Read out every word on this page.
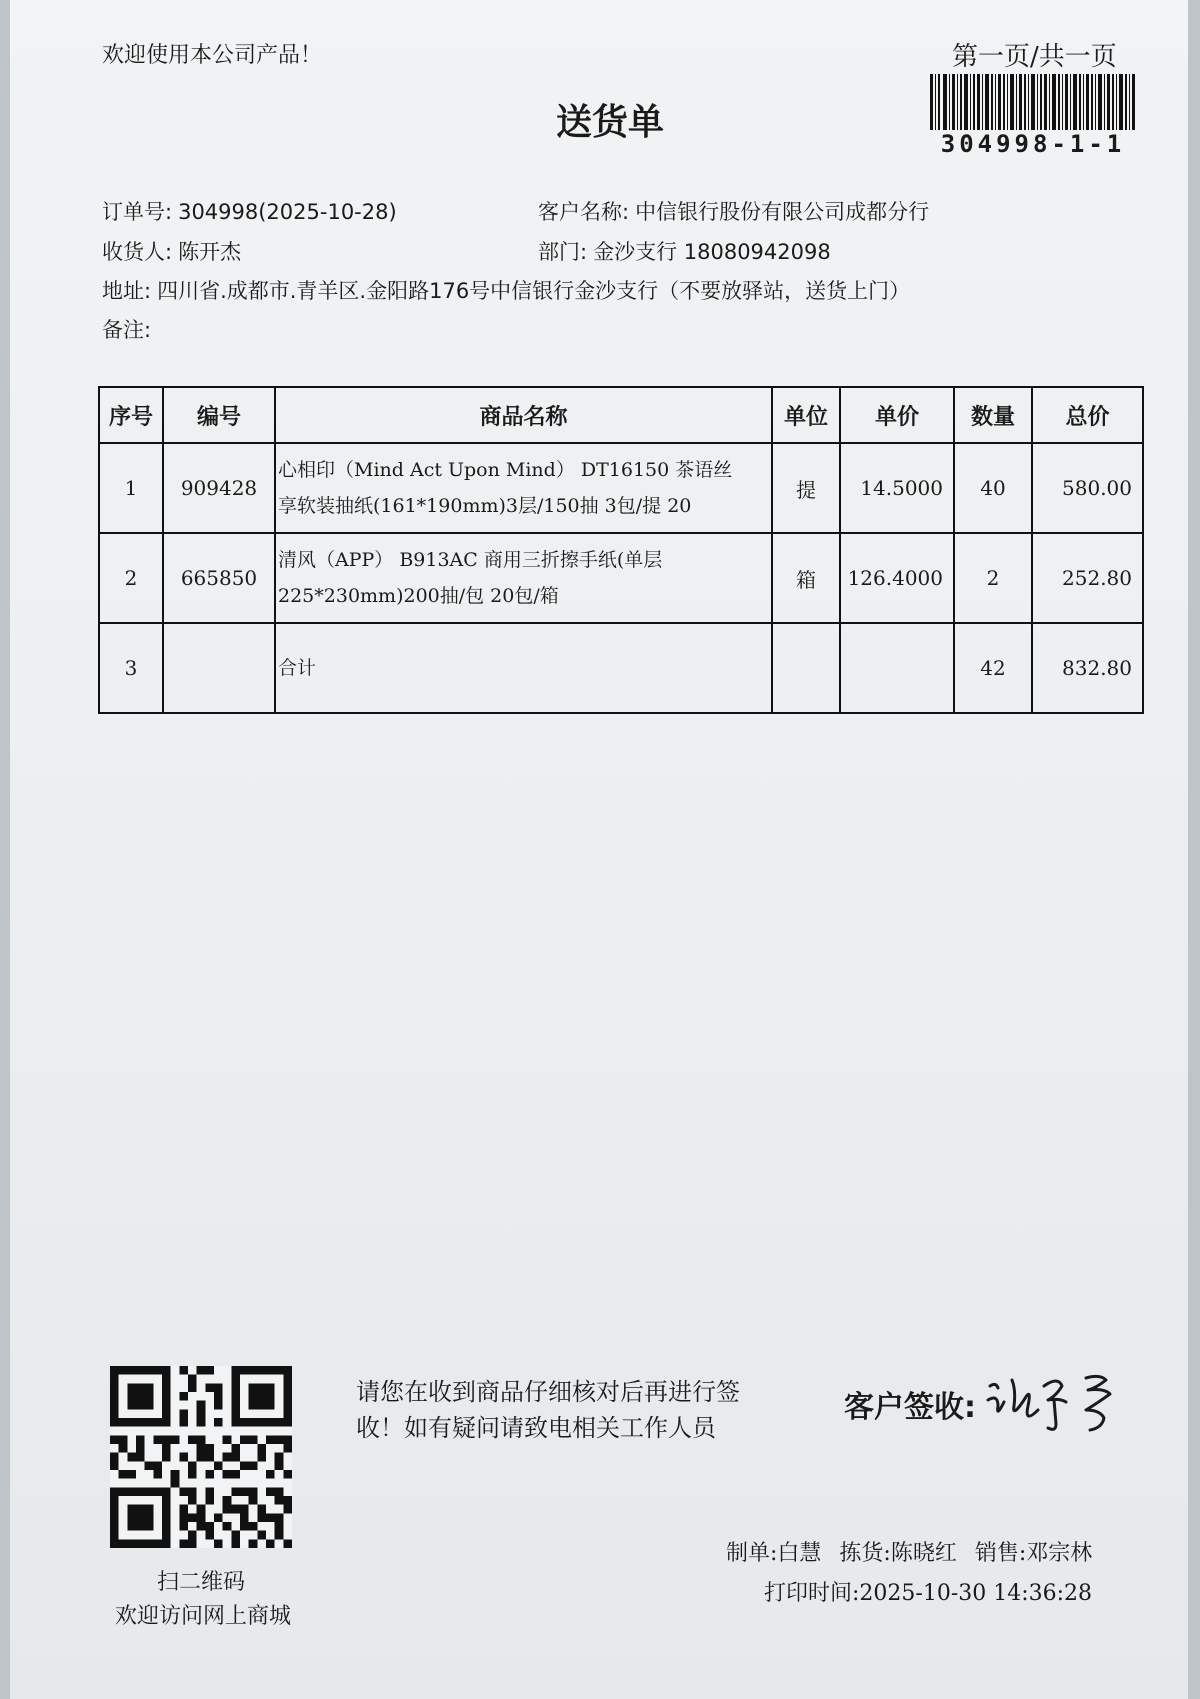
欢迎使用本公司产品！	第一页/共一页
304998-1-1
送货单
订单号: 304998(2025-10-28)	客户名称: 中信银行股份有限公司成都分行
收货人: 陈开杰	部门: 金沙支行 18080942098
地址: 四川省.成都市.青羊区.金阳路176号中信银行金沙支行（不要放驿站，送货上门）
备注:
序号	编号	商品名称	单位	单价	数量	总价
1	909428	心相印（Mind Act Upon Mind） DT16150 茶语丝
享软装抽纸(161*190mm)3层/150抽 3包/提 20	提	14.5000	40	580.00
2	665850	清风（APP） B913AC 商用三折擦手纸(单层
225*230mm)200抽/包 20包/箱	箱	126.4000	2	252.80
3		合计			42	832.80
扫二维码
欢迎访问网上商城
请您在收到商品仔细核对后再进行签
收！如有疑问请致电相关工作人员
客户签收:
制单:白慧 拣货:陈晓红 销售:邓宗林
打印时间:2025-10-30 14:36:28
